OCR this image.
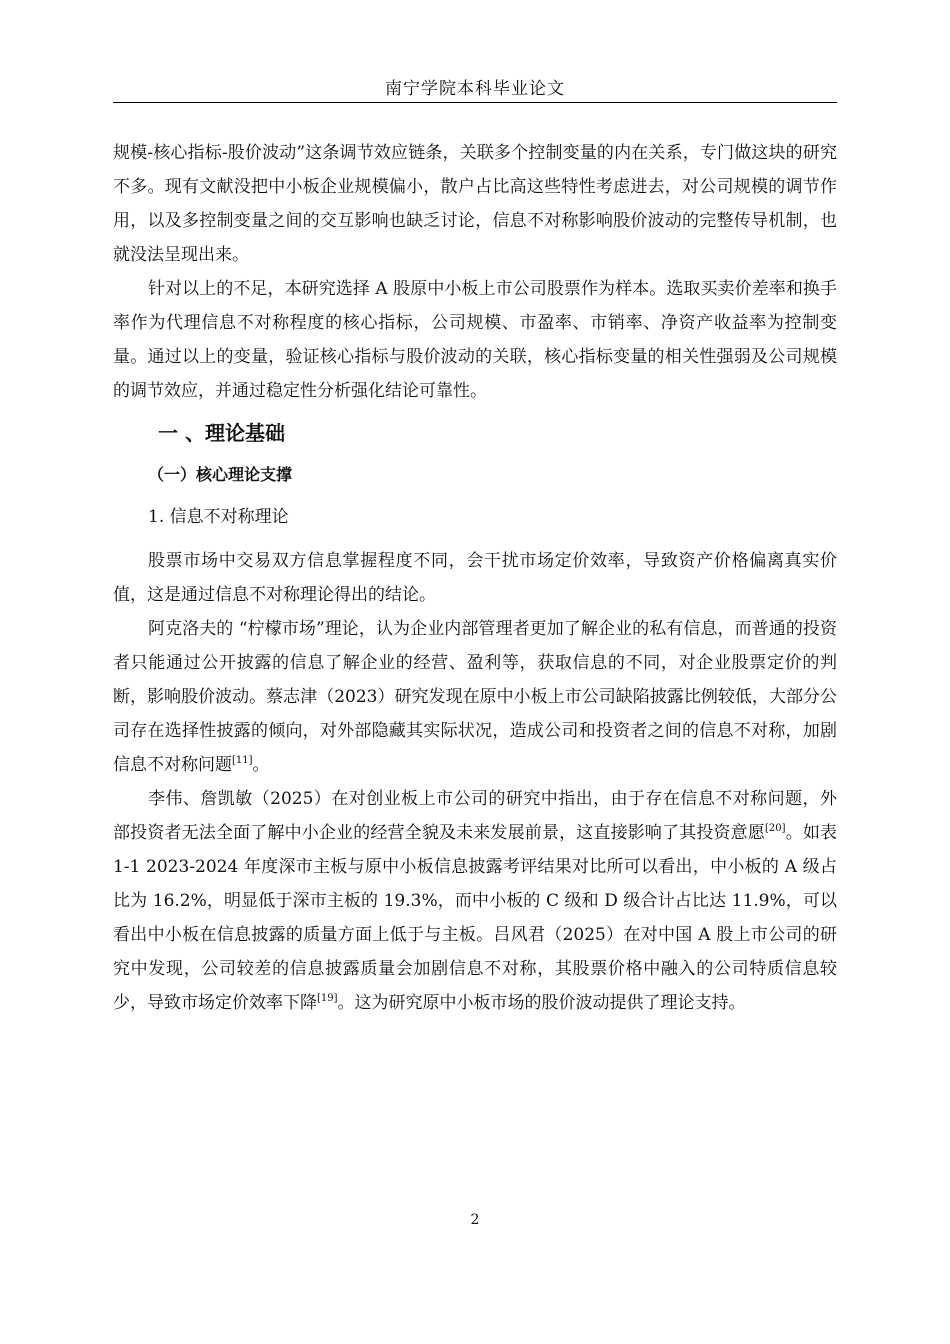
南宁学院本科毕业论文

规模-核心指标-股价波动”这条调节效应链条，关联多个控制变量的内在关系，专门做这块的研究不多。现有文献没把中小板企业规模偏小，散户占比高这些特性考虑进去，对公司规模的调节作用，以及多控制变量之间的交互影响也缺乏讨论，信息不对称影响股价波动的完整传导机制，也就没法呈现出来。

针对以上的不足，本研究选择 A 股原中小板上市公司股票作为样本。选取买卖价差率和换手率作为代理信息不对称程度的核心指标，公司规模、市盈率、市销率、净资产收益率为控制变量。通过以上的变量，验证核心指标与股价波动的关联，核心指标变量的相关性强弱及公司规模的调节效应，并通过稳定性分析强化结论可靠性。

一 、理论基础
（一）核心理论支撑
1. 信息不对称理论

股票市场中交易双方信息掌握程度不同，会干扰市场定价效率，导致资产价格偏离真实价值，这是通过信息不对称理论得出的结论。

阿克洛夫的 “柠檬市场”理论，认为企业内部管理者更加了解企业的私有信息，而普通的投资者只能通过公开披露的信息了解企业的经营、盈利等，获取信息的不同，对企业股票定价的判断，影响股价波动。蔡志津（2023）研究发现在原中小板上市公司缺陷披露比例较低，大部分公司存在选择性披露的倾向，对外部隐藏其实际状况，造成公司和投资者之间的信息不对称，加剧信息不对称问题[11]。

李伟、詹凯敏（2025）在对创业板上市公司的研究中指出，由于存在信息不对称问题，外部投资者无法全面了解中小企业的经营全貌及未来发展前景，这直接影响了其投资意愿[20]。如表 1-1 2023-2024 年度深市主板与原中小板信息披露考评结果对比所可以看出，中小板的 A 级占比为 16.2%，明显低于深市主板的 19.3%，而中小板的 C 级和 D 级合计占比达 11.9%，可以看出中小板在信息披露的质量方面上低于与主板。吕风君（2025）在对中国 A 股上市公司的研究中发现，公司较差的信息披露质量会加剧信息不对称，其股票价格中融入的公司特质信息较少，导致市场定价效率下降[19]。这为研究原中小板市场的股价波动提供了理论支持。

2
